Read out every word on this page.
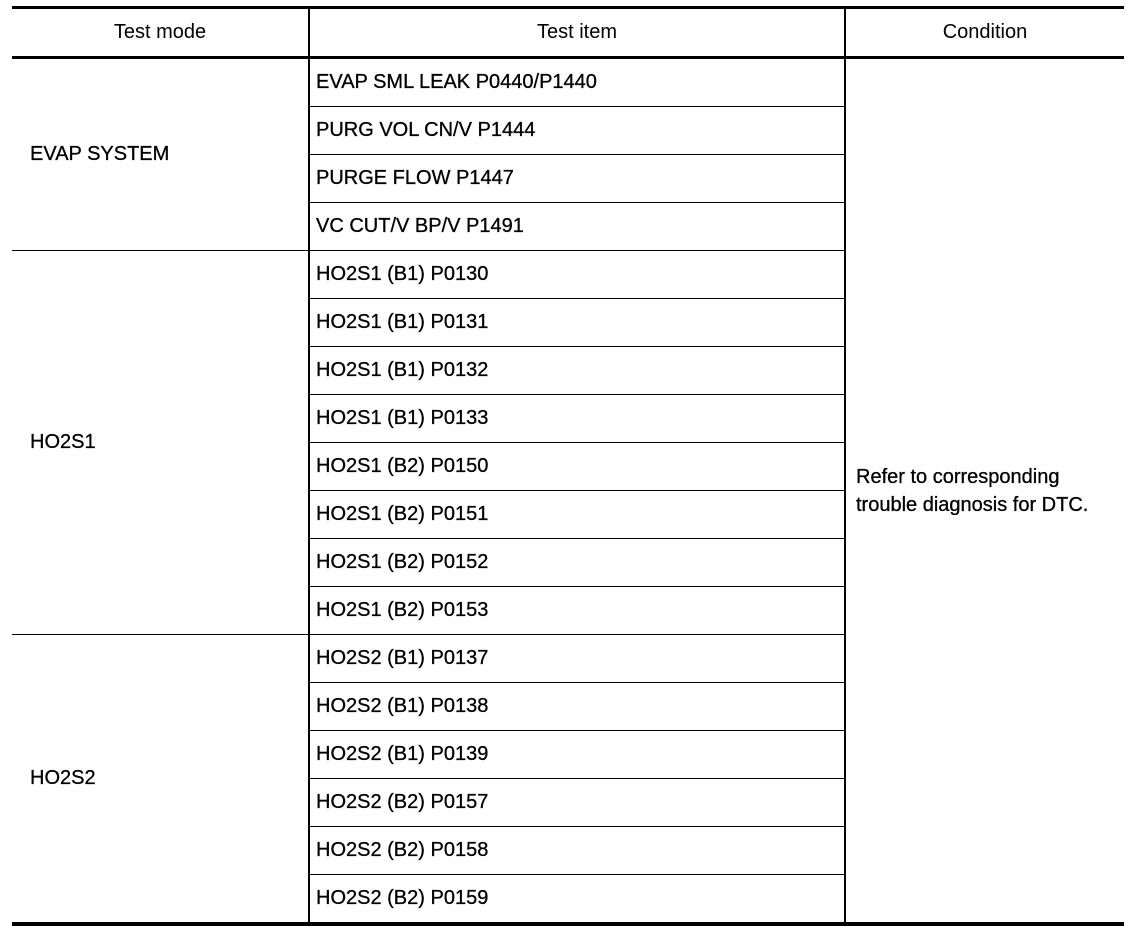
Test mode	Test item	Condition
EVAP SYSTEM	EVAP SML LEAK P0440/P1440	Refer to corresponding trouble diagnosis for DTC.
	PURG VOL CN/V P1444	
	PURGE FLOW P1447	
	VC CUT/V BP/V P1491	
HO2S1	HO2S1 (B1) P0130	
	HO2S1 (B1) P0131	
	HO2S1 (B1) P0132	
	HO2S1 (B1) P0133	
	HO2S1 (B2) P0150	
	HO2S1 (B2) P0151	
	HO2S1 (B2) P0152	
	HO2S1 (B2) P0153	
HO2S2	HO2S2 (B1) P0137	
	HO2S2 (B1) P0138	
	HO2S2 (B1) P0139	
	HO2S2 (B2) P0157	
	HO2S2 (B2) P0158	
	HO2S2 (B2) P0159	
